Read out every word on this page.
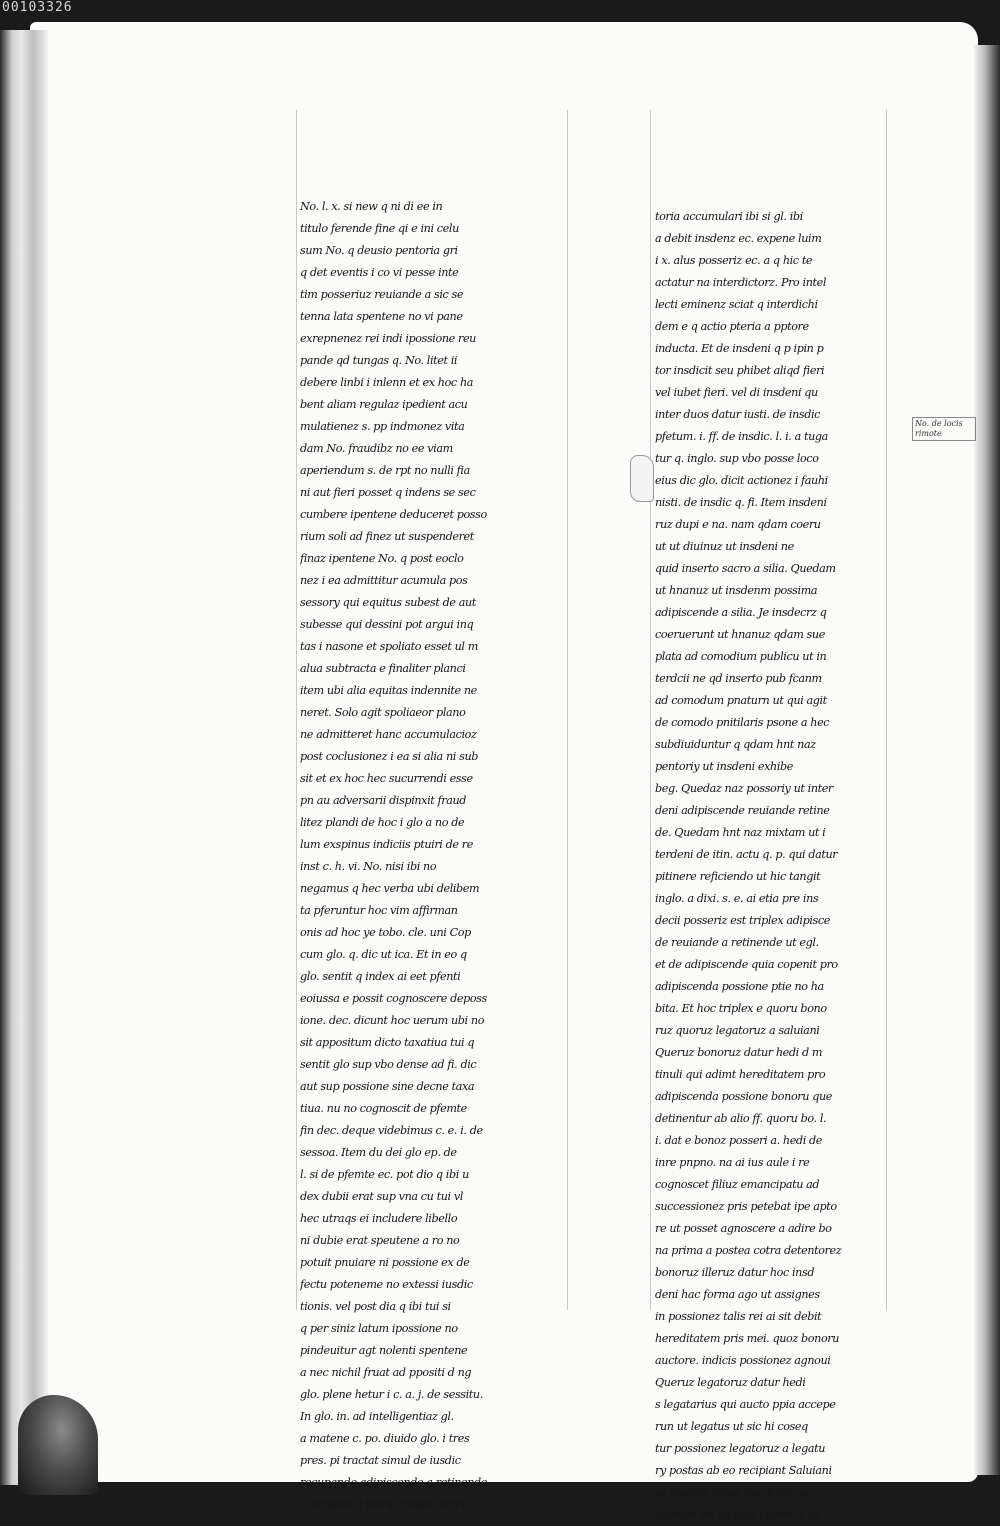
00103326
No. l. x. si new q ni di ee in
titulo ferende fine qi e ini celu
sum No. q deusio pentoria gri
q det eventis i co vi pesse inte
tim posseriuz reuiande a sic se
tenna lata spentene no vi pane
exrepnenez rei indi ipossione reu
pande qd tungas q. No. litet ii
debere linbi i inlenn et ex hoc ha
bent aliam regulaz ipedient acu
mulatienez s. pp indmonez vita
dam No. fraudibz no ee viam
aperiendum s. de rpt no nulli fia
ni aut fieri posset q indens se sec
cumbere ipentene deduceret posso
rium soli ad finez ut suspenderet
finaz ipentene No. q post eoclo
nez i ea admittitur acumula pos
sessory qui equitus subest de aut
subesse qui dessini pot argui inq
tas i nasone et spoliato esset ul m
alua subtracta e finaliter planci
item ubi alia equitas indennite ne
neret. Solo agit spoliaeor plano
ne admitteret hanc accumulacioz
post coclusionez i ea si alia ni sub
sit et ex hoc hec sucurrendi esse
pn au adversarii dispinxit fraud
litez plandi de hoc i glo a no de
lum exspinus indiciis ptuiri de re
inst c. h. vi. No. nisi ibi no
negamus q hec verba ubi delibem
ta pferuntur hoc vim affirman
onis ad hoc ye tobo. cle. uni Cop
cum glo. q. dic ut ica. Et in eo q
glo. sentit q index ai eet pfenti
eoiussa e possit cognoscere deposs
ione. dec. dicunt hoc uerum ubi no
sit appositum dicto taxatiua tui q
sentit glo sup vbo dense ad fi. dic
aut sup possione sine decne taxa
tiua. nu no cognoscit de pfemte
fin dec. deque videbimus c. e. i. de
sessoa. Item du dei glo ep. de
l. si de pfemte ec. pot dio q ibi u
dex dubii erat sup vna cu tui vl
hec utraqs ei includere libello
ni dubie erat speutene a ro no
potuit pnuiare ni possione ex de
fectu poteneme no extessi iusdic
tionis. vel post dia q ibi tui si
q per siniz latum ipossione no
pindeuitur agt nolenti spentene
a nec nichil fruat ad ppositi d ng
glo. plene hetur i c. a. j. de sessitu.
In glo. in. ad intelligentiaz gl.
a matene c. po. diuido glo. i tres
pres. pi tractat simul de iusdic
recupande adipiscende a retinende
z declarat q illeruz possit ni pct
toria accumulari ibi si gl. ibi
a debit insdenz ec. expene luim
i x. alus posseriz ec. a q hic te
actatur na interdictorz. Pro intel
lecti eminenz sciat q interdichi
dem e q actio pteria a pptore
inducta. Et de insdeni q p ipin p
tor insdicit seu phibet aliqd fieri
vel iubet fieri. vel di insdeni qu
inter duos datur iusti. de insdic
pfetum. i. ff. de insdic. l. i. a tuga
tur q. inglo. sup vbo posse loco
eius dic glo. dicit actionez i fauhi
nisti. de insdic q. fi. Item insdeni
ruz dupi e na. nam qdam coeru
ut ut diuinuz ut insdeni ne
quid inserto sacro a silia. Quedam
ut hnanuz ut insdenm possima
adipiscende a silia. Je insdecrz q
coeruerunt ut hnanuz qdam sue
plata ad comodium publicu ut in
terdcii ne qd inserto pub fcanm
ad comodum pnaturn ut qui agit
de comodo pnitilaris psone a hec
subdiuiduntur q qdam hnt naz
pentoriy ut insdeni exhibe
beg. Quedaz naz possoriy ut inter
deni adipiscende reuiande retine
de. Quedam hnt naz mixtam ut i
terdeni de itin. actu q. p. qui datur
pitinere reficiendo ut hic tangit
inglo. a dixi. s. e. ai etia pre ins
decii posseriz est triplex adipisce
de reuiande a retinende ut egl.
et de adipiscende quia copenit pro
adipiscenda possione ptie no ha
bita. Et hoc triplex e quoru bono
ruz quoruz legatoruz a saluiani
Queruz bonoruz datur hedi d m
tinuli qui adimt hereditatem pro
adipiscenda possione bonoru que
detinentur ab alio ff. quoru bo. l.
i. dat e bonoz posseri a. hedi de
inre pnpno. na ai ius aule i re
cognoscet filiuz emancipatu ad
successionez pris petebat ipe apto
re ut posset agnoscere a adire bo
na prima a postea cotra detentorez
bonoruz illeruz datur hoc insd
deni hac forma ago ut assignes
in possionez talis rei ai sit debit
hereditatem pris mei. quoz bonoru
auctore. indicis possionez agnoui
Queruz legatoruz datur hedi
s legatarius qui aucto ppia accepe
run ut legatus ut sic hi coseq
tur possionez legatoruz a legatu
ry postas ab eo recipiant Saluiani
ve insdeni datur duo p ieb qs
colonus vel equilus i fundo l. do
No. de locis rimote
